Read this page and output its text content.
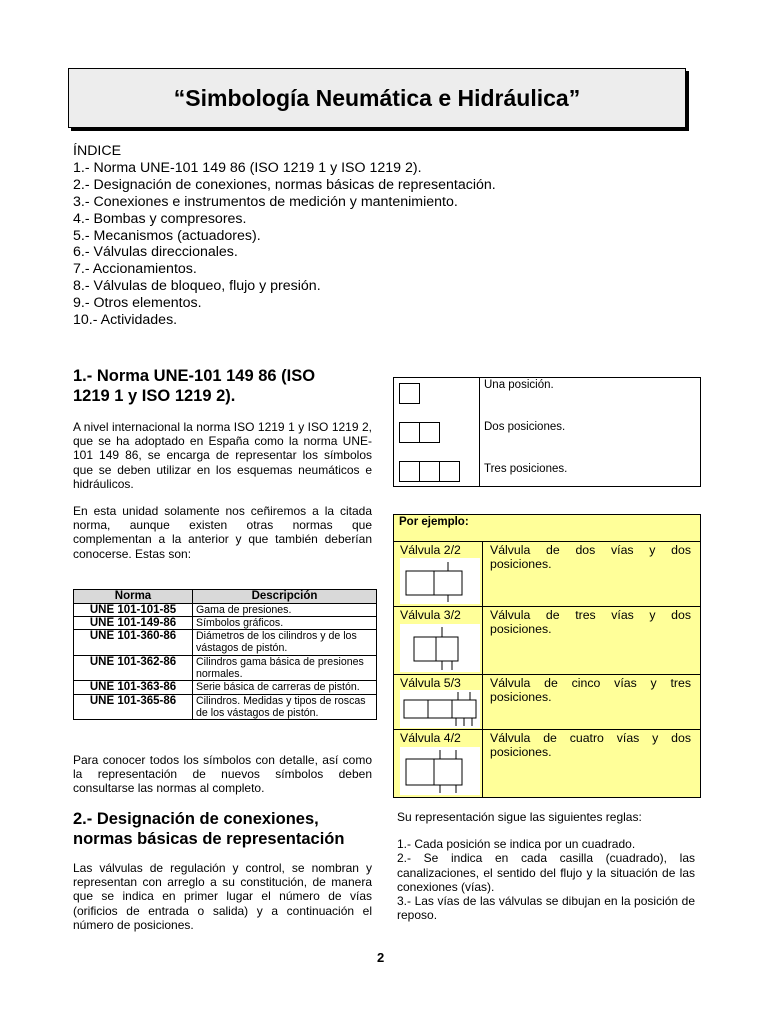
“Simbología Neumática e Hidráulica”
ÍNDICE
1.- Norma UNE-101 149 86 (ISO 1219 1 y ISO 1219 2).
2.- Designación de conexiones, normas básicas de representación.
3.- Conexiones e instrumentos de medición y mantenimiento.
4.- Bombas y compresores.
5.- Mecanismos (actuadores).
6.- Válvulas direccionales.
7.- Accionamientos.
8.- Válvulas de bloqueo, flujo y presión.
9.- Otros elementos.
10.- Actividades.
1.- Norma UNE-101 149 86 (ISO
1219 1 y ISO 1219 2).
A nivel internacional la norma ISO 1219 1 y ISO 1219 2, que se ha adoptado en España como la norma UNE-101 149 86, se encarga de representar los símbolos que se deben utilizar en los esquemas neumáticos e hidráulicos.
En esta unidad solamente nos ceñiremos a la citada norma, aunque existen otras normas que complementan a la anterior y que también deberían conocerse. Estas son:
Norma	Descripción
UNE 101-101-85	Gama de presiones.
UNE 101-149-86	Símbolos gráficos.
UNE 101-360-86	Diámetros de los cilindros y de los vástagos de pistón.
UNE 101-362-86	Cilindros gama básica de presiones normales.
UNE 101-363-86	Serie básica de carreras de pistón.
UNE 101-365-86	Cilindros. Medidas y tipos de roscas de los vástagos de pistón.
Para conocer todos los símbolos con detalle, así como la representación de nuevos símbolos deben consultarse las normas al completo.
2.- Designación de conexiones,
normas básicas de representación
Las válvulas de regulación y control, se nombran y representan con arreglo a su constitución, de manera que se indica en primer lugar el número de vías (orificios de entrada o salida) y a continuación el número de posiciones.
Una posición.
Dos posiciones.
Tres posiciones.
Por ejemplo:
Válvula 2/2 Válvula de dos vías y dos posiciones.
Válvula 3/2 Válvula de tres vías y dos posiciones.
Válvula 5/3 Válvula de cinco vías y tres posiciones.
Válvula 4/2 Válvula de cuatro vías y dos posiciones.
Su representación sigue las siguientes reglas:
1.- Cada posición se indica por un cuadrado.
2.- Se indica en cada casilla (cuadrado), las canalizaciones, el sentido del flujo y la situación de las conexiones (vías).
3.- Las vías de las válvulas se dibujan en la posición de reposo.
2
